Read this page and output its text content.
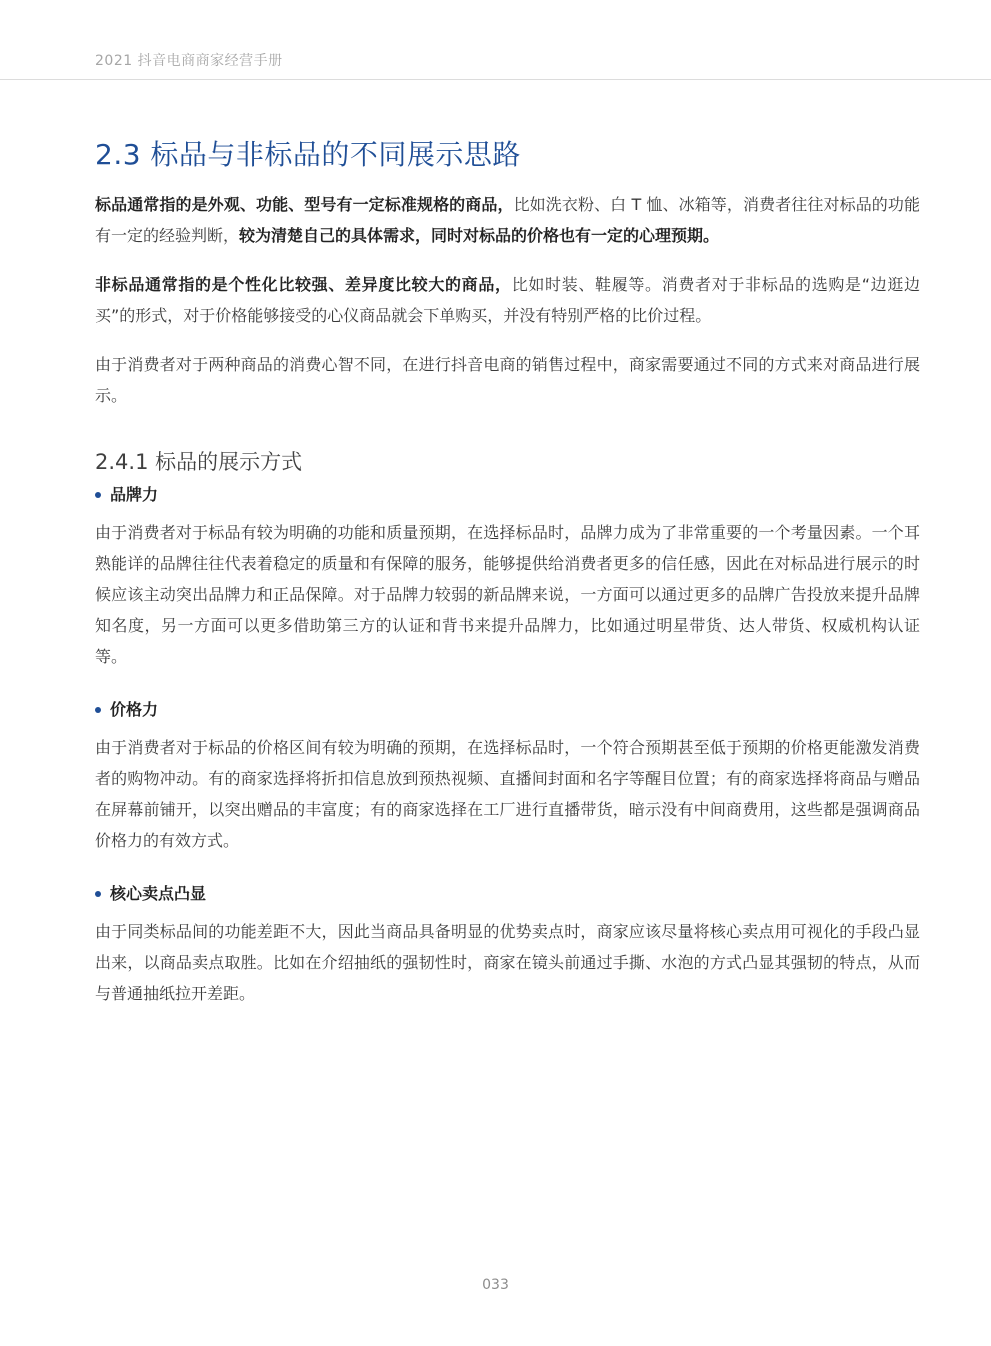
2021 抖音电商商家经营手册
2.3 标品与非标品的不同展示思路

标品通常指的是外观、功能、型号有一定标准规格的商品，比如洗衣粉、白 T 恤、冰箱等，消费者往往对标品的功能有一定的经验判断，较为清楚自己的具体需求，同时对标品的价格也有一定的心理预期。

非标品通常指的是个性化比较强、差异度比较大的商品，比如时装、鞋履等。消费者对于非标品的选购是“边逛边买”的形式，对于价格能够接受的心仪商品就会下单购买，并没有特别严格的比价过程。

由于消费者对于两种商品的消费心智不同，在进行抖音电商的销售过程中，商家需要通过不同的方式来对商品进行展示。

2.4.1 标品的展示方式
品牌力

由于消费者对于标品有较为明确的功能和质量预期，在选择标品时，品牌力成为了非常重要的一个考量因素。一个耳熟能详的品牌往往代表着稳定的质量和有保障的服务，能够提供给消费者更多的信任感，因此在对标品进行展示的时候应该主动突出品牌力和正品保障。对于品牌力较弱的新品牌来说，一方面可以通过更多的品牌广告投放来提升品牌知名度，另一方面可以更多借助第三方的认证和背书来提升品牌力，比如通过明星带货、达人带货、权威机构认证等。

价格力

由于消费者对于标品的价格区间有较为明确的预期，在选择标品时，一个符合预期甚至低于预期的价格更能激发消费者的购物冲动。有的商家选择将折扣信息放到预热视频、直播间封面和名字等醒目位置；有的商家选择将商品与赠品在屏幕前铺开，以突出赠品的丰富度；有的商家选择在工厂进行直播带货，暗示没有中间商费用，这些都是强调商品价格力的有效方式。

核心卖点凸显

由于同类标品间的功能差距不大，因此当商品具备明显的优势卖点时，商家应该尽量将核心卖点用可视化的手段凸显出来，以商品卖点取胜。比如在介绍抽纸的强韧性时，商家在镜头前通过手撕、水泡的方式凸显其强韧的特点，从而与普通抽纸拉开差距。

033
